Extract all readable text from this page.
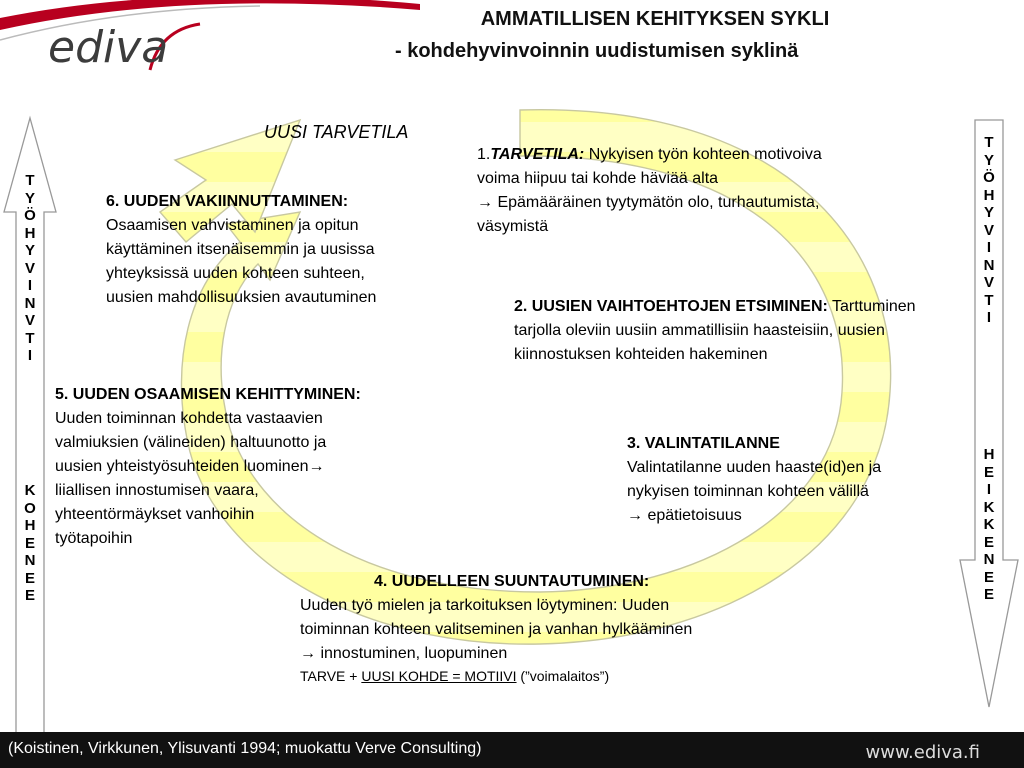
ediva
AMMATILLISEN KEHITYKSEN SYKLI
- kohdehyvinvoinnin uudistumisen syklinä
T
Y
Ö
H
Y
V
I
N
V
T
I
K
O
H
E
N
E
E
T
Y
Ö
H
Y
V
I
N
V
T
I
H
E
I
K
K
E
N
E
E
UUSI TARVETILA
1.TARVETILA: Nykyisen työn kohteen motivoiva
voima hiipuu tai kohde häviää alta
→ Epämääräinen tyytymätön olo, turhautumista,
väsymistä
2. UUSIEN VAIHTOEHTOJEN ETSIMINEN: Tarttuminen
tarjolla oleviin uusiin ammatillisiin haasteisiin, uusien
kiinnostuksen kohteiden hakeminen
3. VALINTATILANNE
Valintatilanne uuden haaste(id)en ja
nykyisen toiminnan kohteen välillä
→ epätietoisuus
4. UUDELLEEN SUUNTAUTUMINEN:
Uuden työ mielen ja tarkoituksen löytyminen: Uuden
toiminnan kohteen valitseminen ja vanhan hylkääminen
→ innostuminen, luopuminen
TARVE + UUSI KOHDE = MOTIIVI (”voimalaitos”)
5. UUDEN OSAAMISEN KEHITTYMINEN:
Uuden toiminnan kohdetta vastaavien
valmiuksien (välineiden) haltuunotto ja
uusien yhteistyösuhteiden luominen→
liiallisen innostumisen vaara,
yhteentörmäykset vanhoihin
työtapoihin
6. UUDEN VAKIINNUTTAMINEN:
Osaamisen vahvistaminen ja opitun
käyttäminen itsenäisemmin ja uusissa
yhteyksissä uuden kohteen suhteen,
uusien mahdollisuuksien avautuminen
(Koistinen, Virkkunen, Ylisuvanti 1994; muokattu Verve Consulting)	www.ediva.fi
